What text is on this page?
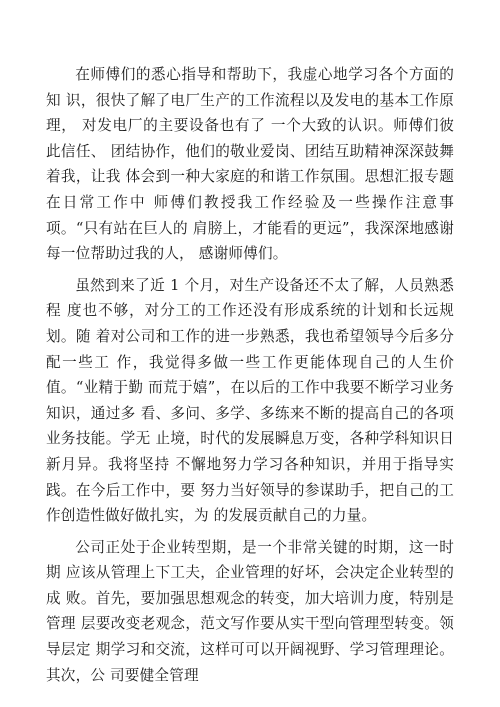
在师傅们的悉心指导和帮助下，我虚心地学习各个方面的知 识，很快了解了电厂生产的工作流程以及发电的基本工作原理， 对发电厂的主要设备也有了 一个大致的认识。师傅们彼此信任、 团结协作，他们的敬业爱岗、团结互助精神深深鼓舞着我，让我 体会到一种大家庭的和谐工作氛围。思想汇报专题在日常工作中 师傅们教授我工作经验及一些操作注意事项。“只有站在巨人的 肩膀上，才能看的更远”，我深深地感谢每一位帮助过我的人， 感谢师傅们。

虽然到来了近 1 个月，对生产设备还不太了解，人员熟悉程 度也不够，对分工的工作还没有形成系统的计划和长远规划。随 着对公司和工作的进一步熟悉，我也希望领导今后多分配一些工 作，我觉得多做一些工作更能体现自己的人生价值。“业精于勤 而荒于嬉”，在以后的工作中我要不断学习业务知识，通过多 看、多问、多学、多练来不断的提高自己的各项业务技能。学无 止境，时代的发展瞬息万变，各种学科知识日新月异。我将坚持 不懈地努力学习各种知识，并用于指导实践。在今后工作中，要 努力当好领导的参谋助手，把自己的工作创造性做好做扎实，为 的发展贡献自己的力量。

公司正处于企业转型期，是一个非常关键的时期，这一时期 应该从管理上下工夫，企业管理的好坏，会决定企业转型的成 败。首先，要加强思想观念的转变，加大培训力度，特别是管理 层要改变老观念，范文写作要从实干型向管理型转变。领导层定 期学习和交流，这样可可以开阔视野、学习管理理论。其次，公 司要健全管理
